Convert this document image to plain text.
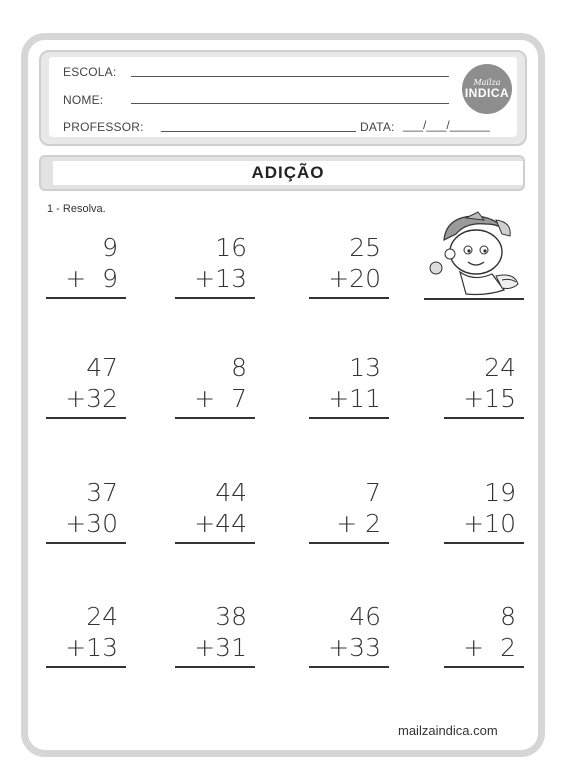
ESCOLA:
NOME:
PROFESSOR:	DATA: ___/___/______
Mailza
INDICA
ADIÇÃO
1 - Resolva.
9
+  9
16
+13
25
+20
47
+32
8
+  7
13
+11
24
+15
37
+30
44
+44
7
+ 2
19
+10
24
+13
38
+31
46
+33
8
+  2
mailzaindica.com
